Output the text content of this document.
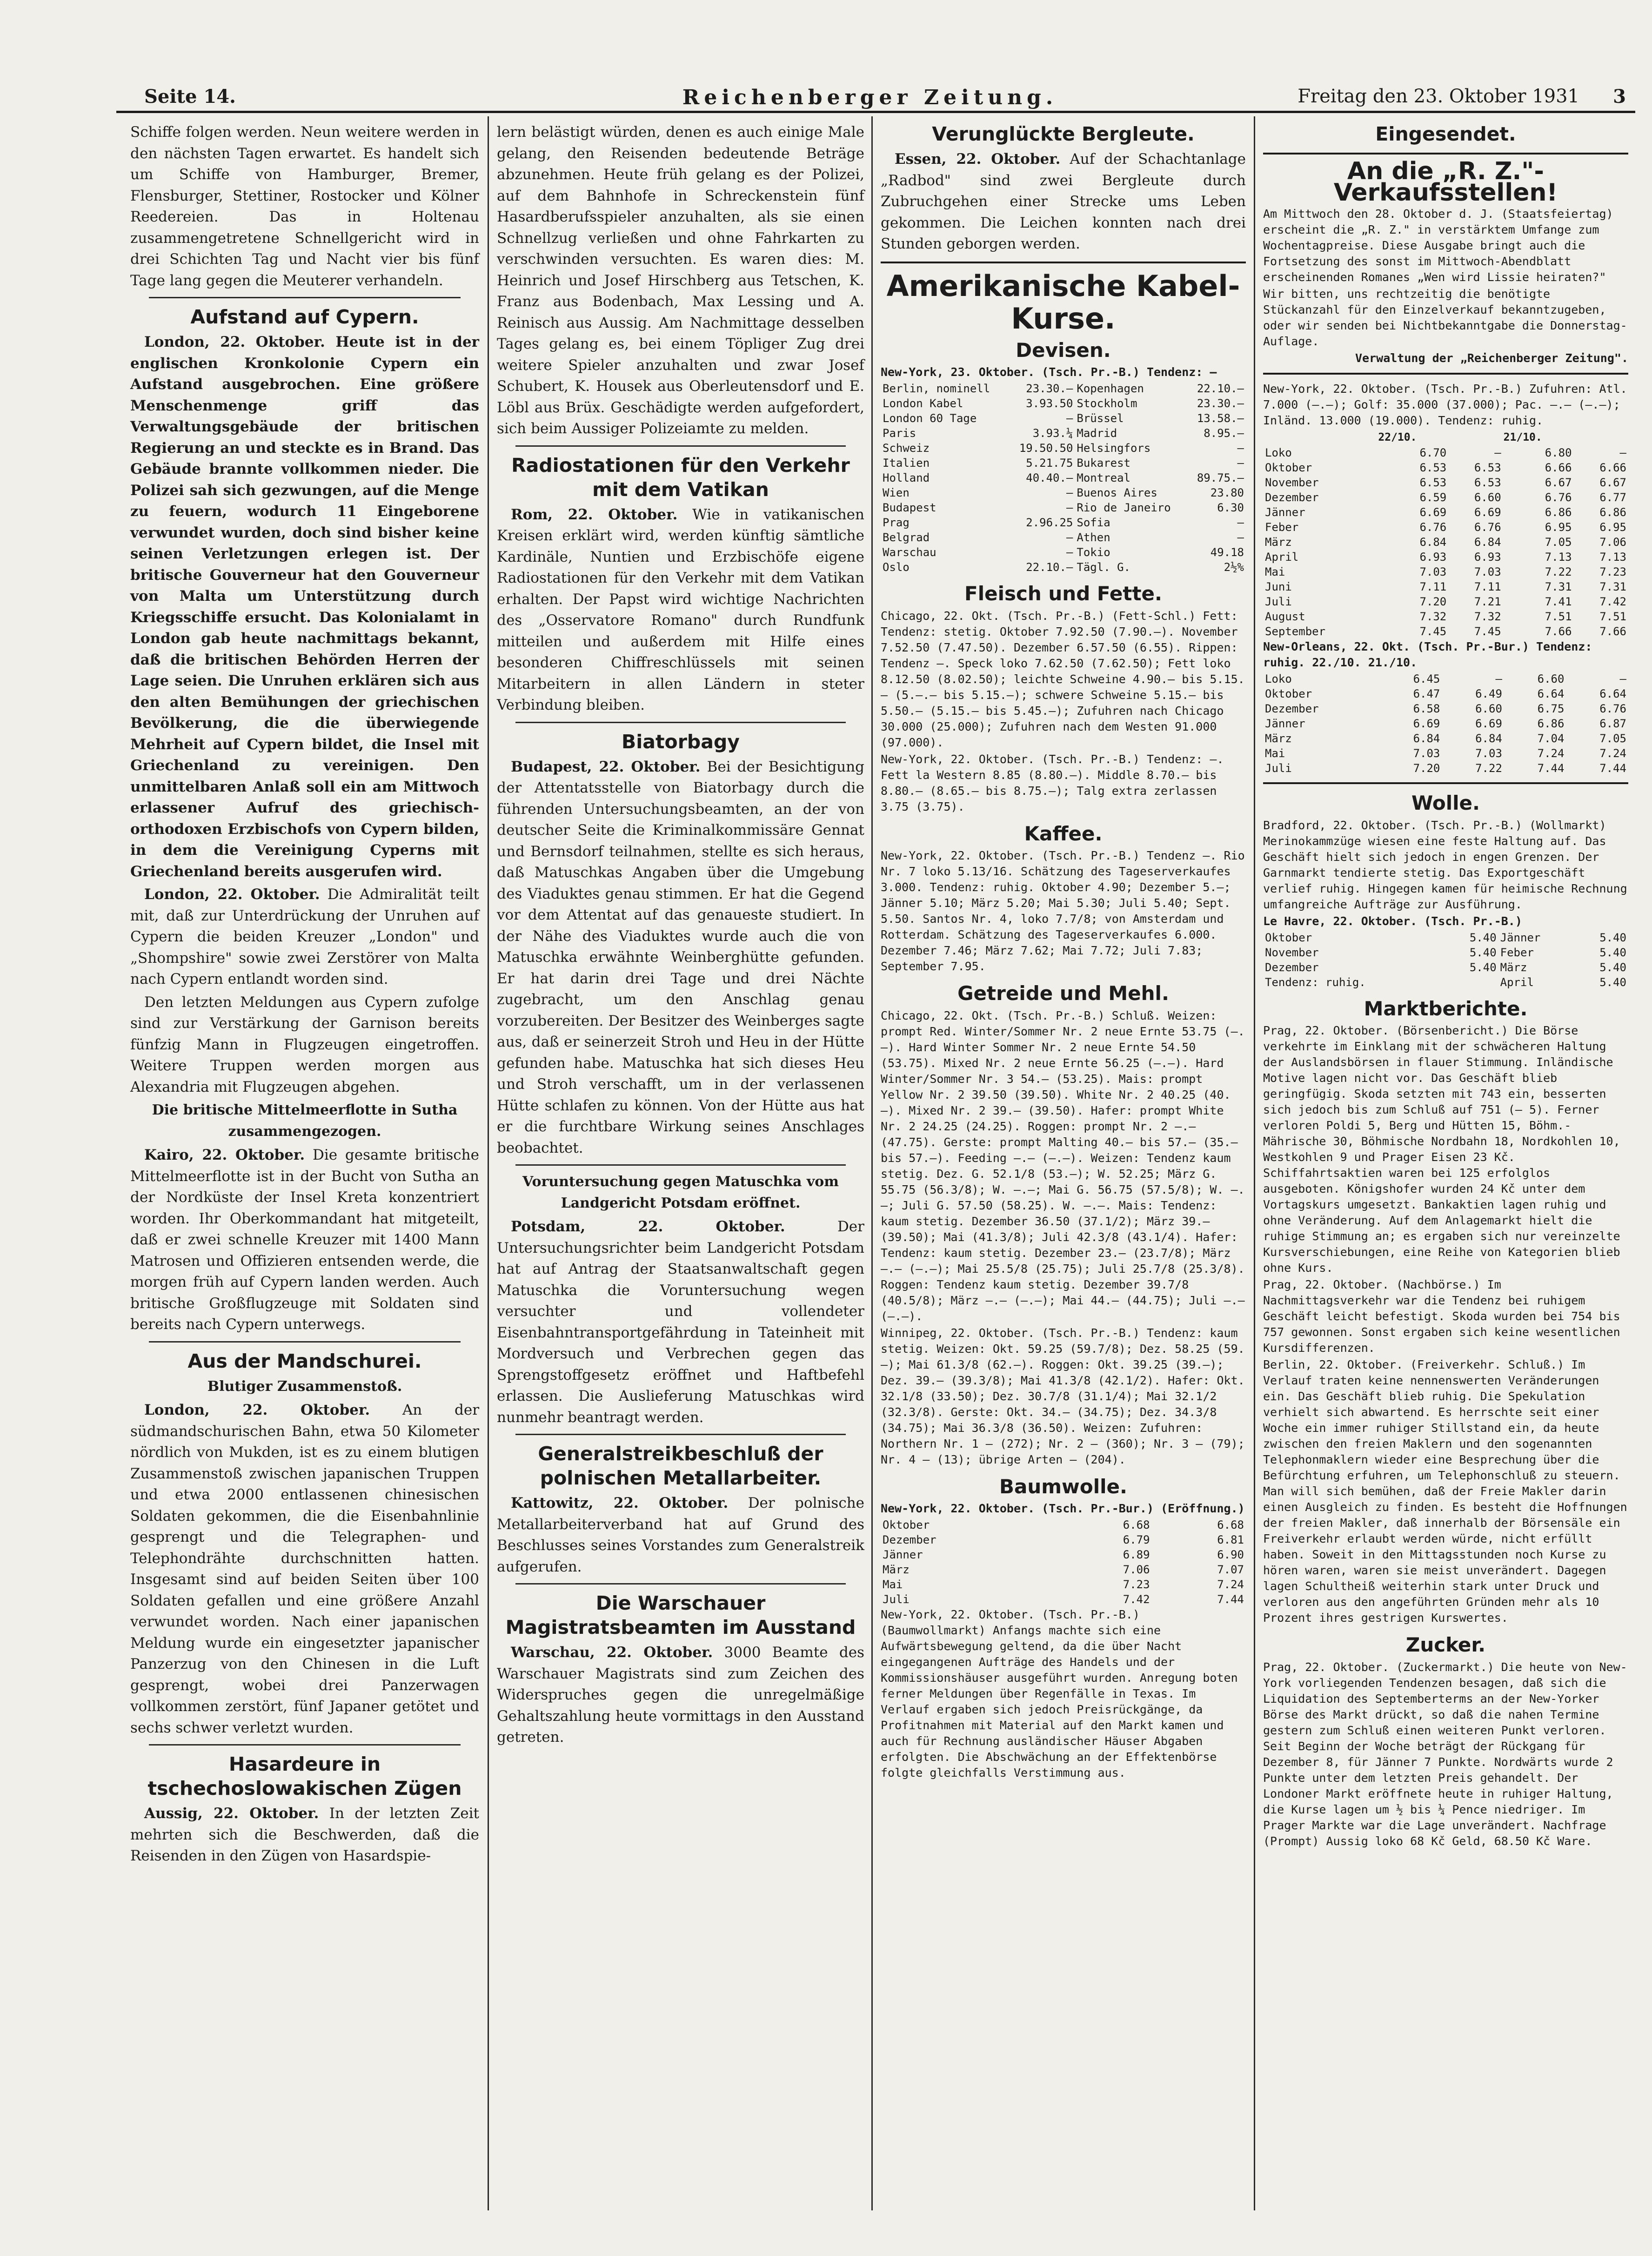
Seite 14.	Reichenberger Zeitung.	Freitag den 23. Oktober 1931 3

Schiffe folgen werden. Neun weitere werden in den nächsten Tagen erwartet. Es handelt sich um Schiffe von Hamburger, Bremer, Flensburger, Stettiner, Rostocker und Kölner Reedereien. Das in Holtenau zusammengetretene Schnellgericht wird in drei Schichten Tag und Nacht vier bis fünf Tage lang gegen die Meuterer verhandeln.

Aufstand auf Cypern.

London, 22. Oktober. Heute ist in der englischen Kronkolonie Cypern ein Aufstand ausgebrochen. Eine größere Menschenmenge griff das Verwaltungsgebäude der britischen Regierung an und steckte es in Brand. Das Gebäude brannte vollkommen nieder. Die Polizei sah sich gezwungen, auf die Menge zu feuern, wodurch 11 Eingeborene verwundet wurden, doch sind bisher keine seinen Verletzungen erlegen ist. Der britische Gouverneur hat den Gouverneur von Malta um Unterstützung durch Kriegsschiffe ersucht. Das Kolonialamt in London gab heute nachmittags bekannt, daß die britischen Behörden Herren der Lage seien. Die Unruhen erklären sich aus den alten Bemühungen der griechischen Bevölkerung, die die überwiegende Mehrheit auf Cypern bildet, die Insel mit Griechenland zu vereinigen. Den unmittelbaren Anlaß soll ein am Mittwoch erlassener Aufruf des griechisch-orthodoxen Erzbischofs von Cypern bilden, in dem die Vereinigung Cyperns mit Griechenland bereits ausgerufen wird.

London, 22. Oktober. Die Admiralität teilt mit, daß zur Unterdrückung der Unruhen auf Cypern die beiden Kreuzer „London" und „Shompshire" sowie zwei Zerstörer von Malta nach Cypern entlandt worden sind.

Den letzten Meldungen aus Cypern zufolge sind zur Verstärkung der Garnison bereits fünfzig Mann in Flugzeugen eingetroffen. Weitere Truppen werden morgen aus Alexandria mit Flugzeugen abgehen.

Die britische Mittelmeerflotte in Sutha zusammengezogen.

Kairo, 22. Oktober. Die gesamte britische Mittelmeerflotte ist in der Bucht von Sutha an der Nordküste der Insel Kreta konzentriert worden. Ihr Oberkommandant hat mitgeteilt, daß er zwei schnelle Kreuzer mit 1400 Mann Matrosen und Offizieren entsenden werde, die morgen früh auf Cypern landen werden. Auch britische Großflugzeuge mit Soldaten sind bereits nach Cypern unterwegs.

Aus der Mandschurei.
Blutiger Zusammenstoß.

London, 22. Oktober. An der südmandschurischen Bahn, etwa 50 Kilometer nördlich von Mukden, ist es zu einem blutigen Zusammenstoß zwischen japanischen Truppen und etwa 2000 entlassenen chinesischen Soldaten gekommen, die die Eisenbahnlinie gesprengt und die Telegraphen- und Telephondrähte durchschnitten hatten. Insgesamt sind auf beiden Seiten über 100 Soldaten gefallen und eine größere Anzahl verwundet worden. Nach einer japanischen Meldung wurde ein eingesetzter japanischer Panzerzug von den Chinesen in die Luft gesprengt, wobei drei Panzerwagen vollkommen zerstört, fünf Japaner getötet und sechs schwer verletzt wurden.

Hasardeure in tschechoslowakischen Zügen

Aussig, 22. Oktober. In der letzten Zeit mehrten sich die Beschwerden, daß die Reisenden in den Zügen von Hasardspie-

lern belästigt würden, denen es auch einige Male gelang, den Reisenden bedeutende Beträge abzunehmen. Heute früh gelang es der Polizei, auf dem Bahnhofe in Schreckenstein fünf Hasardberufsspieler anzuhalten, als sie einen Schnellzug verließen und ohne Fahrkarten zu verschwinden versuchten. Es waren dies: M. Heinrich und Josef Hirschberg aus Tetschen, K. Franz aus Bodenbach, Max Lessing und A. Reinisch aus Aussig. Am Nachmittage desselben Tages gelang es, bei einem Töpliger Zug drei weitere Spieler anzuhalten und zwar Josef Schubert, K. Housek aus Oberleutensdorf und E. Löbl aus Brüx. Geschädigte werden aufgefordert, sich beim Aussiger Polizeiamte zu melden.

Radiostationen für den Verkehr mit dem Vatikan

Rom, 22. Oktober. Wie in vatikanischen Kreisen erklärt wird, werden künftig sämtliche Kardinäle, Nuntien und Erzbischöfe eigene Radiostationen für den Verkehr mit dem Vatikan erhalten. Der Papst wird wichtige Nachrichten des „Osservatore Romano" durch Rundfunk mitteilen und außerdem mit Hilfe eines besonderen Chiffreschlüssels mit seinen Mitarbeitern in allen Ländern in steter Verbindung bleiben.

Biatorbagy

Budapest, 22. Oktober. Bei der Besichtigung der Attentatsstelle von Biatorbagy durch die führenden Untersuchungsbeamten, an der von deutscher Seite die Kriminalkommissäre Gennat und Bernsdorf teilnahmen, stellte es sich heraus, daß Matuschkas Angaben über die Umgebung des Viaduktes genau stimmen. Er hat die Gegend vor dem Attentat auf das genaueste studiert. In der Nähe des Viaduktes wurde auch die von Matuschka erwähnte Weinberghütte gefunden. Er hat darin drei Tage und drei Nächte zugebracht, um den Anschlag genau vorzubereiten. Der Besitzer des Weinberges sagte aus, daß er seinerzeit Stroh und Heu in der Hütte gefunden habe. Matuschka hat sich dieses Heu und Stroh verschafft, um in der verlassenen Hütte schlafen zu können. Von der Hütte aus hat er die furchtbare Wirkung seines Anschlages beobachtet.

Voruntersuchung gegen Matuschka vom Landgericht Potsdam eröffnet.

Potsdam, 22. Oktober.	Der Untersuchungsrichter beim Landgericht Potsdam hat auf Antrag der Staatsanwaltschaft gegen Matuschka die Voruntersuchung wegen versuchter und vollendeter Eisenbahntransportgefährdung in Tateinheit mit Mordversuch und Verbrechen gegen das Sprengstoffgesetz eröffnet und Haftbefehl erlassen. Die Auslieferung Matuschkas wird nunmehr beantragt werden.

Generalstreikbeschluß der polnischen Metallarbeiter.

Kattowitz, 22. Oktober. Der polnische Metallarbeiterverband hat auf Grund des Beschlusses seines Vorstandes zum Generalstreik aufgerufen.

Die Warschauer Magistratsbeamten im Ausstand

Warschau, 22. Oktober. 3000 Beamte des Warschauer Magistrats sind zum Zeichen des Widerspruches gegen die unregelmäßige Gehaltszahlung heute vormittags in den Ausstand getreten.

Verunglückte Bergleute.

Essen, 22. Oktober. Auf der Schachtanlage „Radbod" sind zwei Bergleute durch Zubruchgehen einer Strecke ums Leben gekommen. Die Leichen konnten nach drei Stunden geborgen werden.

Amerikanische Kabel-Kurse.
Devisen.

New-York, 23. Oktober. (Tsch. Pr.-B.) Tendenz: —

Berlin, nominell	23.30.—	Kopenhagen	22.10.—
London Kabel	3.93.50	Stockholm	23.30.—
London 60 Tage	—	Brüssel	13.58.—
Paris	3.93.¼	Madrid	8.95.—
Schweiz	19.50.50	Helsingfors	—
Italien	5.21.75	Bukarest	—
Holland	40.40.—	Montreal	89.75.—
Wien	—	Buenos Aires	23.80
Budapest	—	Rio de Janeiro	6.30
Prag	2.96.25	Sofia	—
Belgrad	—	Athen	—
Warschau	—	Tokio	49.18
Oslo	22.10.—	Tägl. G.	2½%
Fleisch und Fette.

Chicago, 22. Okt. (Tsch. Pr.-B.) (Fett-Schl.) Fett: Tendenz: stetig. Oktober 7.92.50 (7.90.—). November 7.52.50 (7.47.50). Dezember 6.57.50 (6.55). Rippen: Tendenz —. Speck loko 7.62.50 (7.62.50); Fett loko 8.12.50 (8.02.50); leichte Schweine 4.90.— bis 5.15.— (5.—.— bis 5.15.—); schwere Schweine 5.15.— bis 5.50.— (5.15.— bis 5.45.—); Zufuhren nach Chicago 30.000 (25.000); Zufuhren nach dem Westen 91.000 (97.000).

New-York, 22. Oktober. (Tsch. Pr.-B.) Tendenz: —. Fett la Western 8.85 (8.80.—). Middle 8.70.— bis 8.80.— (8.65.— bis 8.75.—); Talg extra zerlassen 3.75 (3.75).

Kaffee.

New-York, 22. Oktober. (Tsch. Pr.-B.) Tendenz —. Rio Nr. 7 loko 5.13/16. Schätzung des Tageserverkaufes 3.000. Tendenz: ruhig. Oktober 4.90; Dezember 5.—; Jänner 5.10; März 5.20; Mai 5.30; Juli 5.40; Sept. 5.50. Santos Nr. 4, loko 7.7/8; von Amsterdam und Rotterdam. Schätzung des Tageserverkaufes 6.000. Dezember 7.46; März 7.62; Mai 7.72; Juli 7.83; September 7.95.

Getreide und Mehl.

Chicago, 22. Okt. (Tsch. Pr.-B.) Schluß. Weizen: prompt Red. Winter/Sommer Nr. 2 neue Ernte 53.75 (—.—). Hard Winter Sommer Nr. 2 neue Ernte 54.50 (53.75). Mixed Nr. 2 neue Ernte 56.25 (—.—). Hard Winter/Sommer Nr. 3 54.— (53.25). Mais: prompt Yellow Nr. 2 39.50 (39.50). White Nr. 2 40.25 (40.—). Mixed Nr. 2 39.— (39.50). Hafer: prompt White Nr. 2 24.25 (24.25). Roggen: prompt Nr. 2 —.— (47.75). Gerste: prompt Malting 40.— bis 57.— (35.— bis 57.—). Feeding —.— (—.—). Weizen: Tendenz kaum stetig. Dez. G. 52.1/8 (53.—); W. 52.25; März G. 55.75 (56.3/8); W. —.—; Mai G. 56.75 (57.5/8); W. —.—; Juli G. 57.50 (58.25). W. —.—. Mais: Tendenz: kaum stetig. Dezember 36.50 (37.1/2); März 39.— (39.50); Mai (41.3/8); Juli 42.3/8 (43.1/4). Hafer: Tendenz: kaum stetig. Dezember 23.— (23.7/8); März —.— (—.—); Mai 25.5/8 (25.75); Juli 25.7/8 (25.3/8). Roggen: Tendenz kaum stetig. Dezember 39.7/8 (40.5/8); März —.— (—.—); Mai 44.— (44.75); Juli —.— (—.—).

Winnipeg, 22. Oktober. (Tsch. Pr.-B.) Tendenz: kaum stetig. Weizen: Okt. 59.25 (59.7/8); Dez. 58.25 (59.—); Mai 61.3/8 (62.—). Roggen: Okt. 39.25 (39.—); Dez. 39.— (39.3/8); Mai 41.3/8 (42.1/2). Hafer: Okt. 32.1/8 (33.50); Dez. 30.7/8 (31.1/4); Mai 32.1/2 (32.3/8). Gerste: Okt. 34.— (34.75); Dez. 34.3/8 (34.75); Mai 36.3/8 (36.50). Weizen: Zufuhren: Northern Nr. 1 — (272); Nr. 2 — (360); Nr. 3 — (79); Nr. 4 — (13); übrige Arten — (204).

Baumwolle.

New-York, 22. Oktober. (Tsch. Pr.-Bur.) (Eröffnung.)

Oktober	6.68	6.68
Dezember	6.79	6.81
Jänner	6.89	6.90
März	7.06	7.07
Mai	7.23	7.24
Juli	7.42	7.44

New-York, 22. Oktober. (Tsch. Pr.-B.) (Baumwollmarkt) Anfangs machte sich eine Aufwärtsbewegung geltend, da die über Nacht eingegangenen Aufträge des Handels und der Kommissionshäuser ausgeführt wurden. Anregung boten ferner Meldungen über Regenfälle in Texas. Im Verlauf ergaben sich jedoch Preisrückgänge, da Profitnahmen mit Material auf den Markt kamen und auch für Rechnung ausländischer Häuser Abgaben erfolgten. Die Abschwächung an der Effektenbörse folgte gleichfalls Verstimmung aus.

Eingesendet.
An die „R. Z."-Verkaufsstellen!

Am Mittwoch den 28. Oktober d. J. (Staatsfeiertag) erscheint die „R. Z." in verstärktem Umfange zum Wochentagpreise. Diese Ausgabe bringt auch die Fortsetzung des sonst im Mittwoch-Abendblatt erscheinenden Romanes „Wen wird Lissie heiraten?"

Wir bitten, uns rechtzeitig die benötigte Stückanzahl für den Einzelverkauf bekanntzugeben, oder wir senden bei Nichtbekanntgabe die Donnerstag-Auflage.

Verwaltung der „Reichenberger Zeitung".

New-York, 22. Oktober. (Tsch. Pr.-B.) Zufuhren: Atl. 7.000 (—.—); Golf: 35.000 (37.000); Pac. —.— (—.—); Inländ. 13.000 (19.000). Tendenz: ruhig.

	22/10.		21/10.	
Loko	6.70	—	6.80	—
Oktober	6.53	6.53	6.66	6.66
November	6.53	6.53	6.67	6.67
Dezember	6.59	6.60	6.76	6.77
Jänner	6.69	6.69	6.86	6.86
Feber	6.76	6.76	6.95	6.95
März	6.84	6.84	7.05	7.06
April	6.93	6.93	7.13	7.13
Mai	7.03	7.03	7.22	7.23
Juni	7.11	7.11	7.31	7.31
Juli	7.20	7.21	7.41	7.42
August	7.32	7.32	7.51	7.51
September	7.45	7.45	7.66	7.66

New-Orleans, 22. Okt. (Tsch. Pr.-Bur.) Tendenz: ruhig. 22./10. 21./10.

Loko	6.45	—	6.60	—
Oktober	6.47	6.49	6.64	6.64
Dezember	6.58	6.60	6.75	6.76
Jänner	6.69	6.69	6.86	6.87
März	6.84	6.84	7.04	7.05
Mai	7.03	7.03	7.24	7.24
Juli	7.20	7.22	7.44	7.44
Wolle.

Bradford, 22. Oktober. (Tsch. Pr.-B.) (Wollmarkt) Merinokammzüge wiesen eine feste Haltung auf. Das Geschäft hielt sich jedoch in engen Grenzen. Der Garnmarkt tendierte stetig. Das Exportgeschäft verlief ruhig. Hingegen kamen für heimische Rechnung umfangreiche Aufträge zur Ausführung.

Le Havre, 22. Oktober. (Tsch. Pr.-B.)

Oktober	5.40	Jänner	5.40
November	5.40	Feber	5.40
Dezember	5.40	März	5.40
Tendenz: ruhig.		April	5.40
Marktberichte.

Prag, 22. Oktober. (Börsenbericht.) Die Börse verkehrte im Einklang mit der schwächeren Haltung der Auslandsbörsen in flauer Stimmung. Inländische Motive lagen nicht vor. Das Geschäft blieb geringfügig. Skoda setzten mit 743 ein, besserten sich jedoch bis zum Schluß auf 751 (— 5). Ferner verloren Poldi 5, Berg und Hütten 15, Böhm.-Mährische 30, Böhmische Nordbahn 18, Nordkohlen 10, Westkohlen 9 und Prager Eisen 23 Kč. Schiffahrtsaktien waren bei 125 erfolglos ausgeboten. Königshofer wurden 24 Kč unter dem Vortagskurs umgesetzt. Bankaktien lagen ruhig und ohne Veränderung. Auf dem Anlagemarkt hielt die ruhige Stimmung an; es ergaben sich nur vereinzelte Kursverschiebungen, eine Reihe von Kategorien blieb ohne Kurs.

Prag, 22. Oktober. (Nachbörse.) Im Nachmittagsverkehr war die Tendenz bei ruhigem Geschäft leicht befestigt. Skoda wurden bei 754 bis 757 gewonnen. Sonst ergaben sich keine wesentlichen Kursdifferenzen.

Berlin, 22. Oktober. (Freiverkehr. Schluß.) Im Verlauf traten keine nennenswerten Veränderungen ein. Das Geschäft blieb ruhig. Die Spekulation verhielt sich abwartend. Es herrschte seit einer Woche ein immer ruhiger Stillstand ein, da heute zwischen den freien Maklern und den sogenannten Telephonmaklern wieder eine Besprechung über die Befürchtung erfuhren, um Telephonschluß zu steuern. Man will sich bemühen, daß der Freie Makler darin einen Ausgleich zu finden. Es besteht die Hoffnungen der freien Makler, daß innerhalb der Börsensäle ein Freiverkehr erlaubt werden würde, nicht erfüllt haben. Soweit in den Mittagsstunden noch Kurse zu hören waren, waren sie meist unverändert. Dagegen lagen Schultheiß weiterhin stark unter Druck und verloren aus den angeführten Gründen mehr als 10 Prozent ihres gestrigen Kurswertes.

Zucker.

Prag, 22. Oktober. (Zuckermarkt.) Die heute von New-York vorliegenden Tendenzen besagen, daß sich die Liquidation des Septemberterms an der New-Yorker Börse des Markt drückt, so daß die nahen Termine gestern zum Schluß einen weiteren Punkt verloren. Seit Beginn der Woche beträgt der Rückgang für Dezember 8, für Jänner 7 Punkte. Nordwärts wurde 2 Punkte unter dem letzten Preis gehandelt. Der Londoner Markt eröffnete heute in ruhiger Haltung, die Kurse lagen um ½ bis ¼ Pence niedriger. Im Prager Markte war die Lage unverändert. Nachfrage (Prompt) Aussig loko 68 Kč Geld, 68.50 Kč Ware.
